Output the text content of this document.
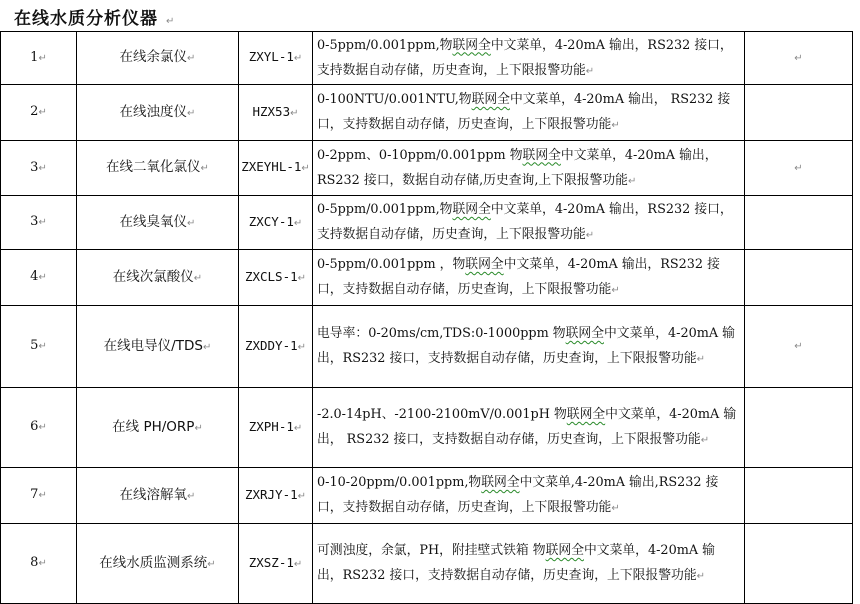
在线水质分析仪器 ↵
1↵	在线余氯仪↵	ZXYL-1↵	0-5ppm/0.001ppm,物联网全中文菜单，4-20mA 输出，RS232 接口，支持数据自动存储，历史查询，上下限报警功能↵	↵	
2↵	在线浊度仪↵	HZX53↵	0-100NTU/0.001NTU,物联网全中文菜单，4-20mA 输出， RS232 接口，支持数据自动存储，历史查询，上下限报警功能↵		
3↵	在线二氧化氯仪↵	ZXEYHL-1↵	0-2ppm、0-10ppm/0.001ppm 物联网全中文菜单，4-20mA 输出，RS232 接口，数据自动存储,历史查询,上下限报警功能↵	↵	
3↵	在线臭氧仪↵	ZXCY-1↵	0-5ppm/0.001ppm,物联网全中文菜单，4-20mA 输出，RS232 接口，支持数据自动存储，历史查询，上下限报警功能↵		
4↵	在线次氯酸仪↵	ZXCLS-1↵	0-5ppm/0.001ppm ，物联网全中文菜单，4-20mA 输出，RS232 接口，支持数据自动存储，历史查询，上下限报警功能↵		
5↵	在线电导仪/TDS↵	ZXDDY-1↵	电导率：0-20ms/cm,TDS:0-1000ppm 物联网全中文菜单，4-20mA 输出，RS232 接口，支持数据自动存储，历史查询，上下限报警功能↵	↵	
6↵	在线 PH/ORP↵	ZXPH-1↵	-2.0-14pH、-2100-2100mV/0.001pH 物联网全中文菜单，4-20mA 输出， RS232 接口，支持数据自动存储，历史查询，上下限报警功能↵		
7↵	在线溶解氧↵	ZXRJY-1↵	0-10-20ppm/0.001ppm,物联网全中文菜单,4-20mA 输出,RS232 接口，支持数据自动存储，历史查询，上下限报警功能↵		
8↵	在线水质监测系统↵	ZXSZ-1↵	可测浊度，余氯，PH，附挂壁式铁箱 物联网全中文菜单，4-20mA 输出，RS232 接口，支持数据自动存储，历史查询，上下限报警功能↵		
